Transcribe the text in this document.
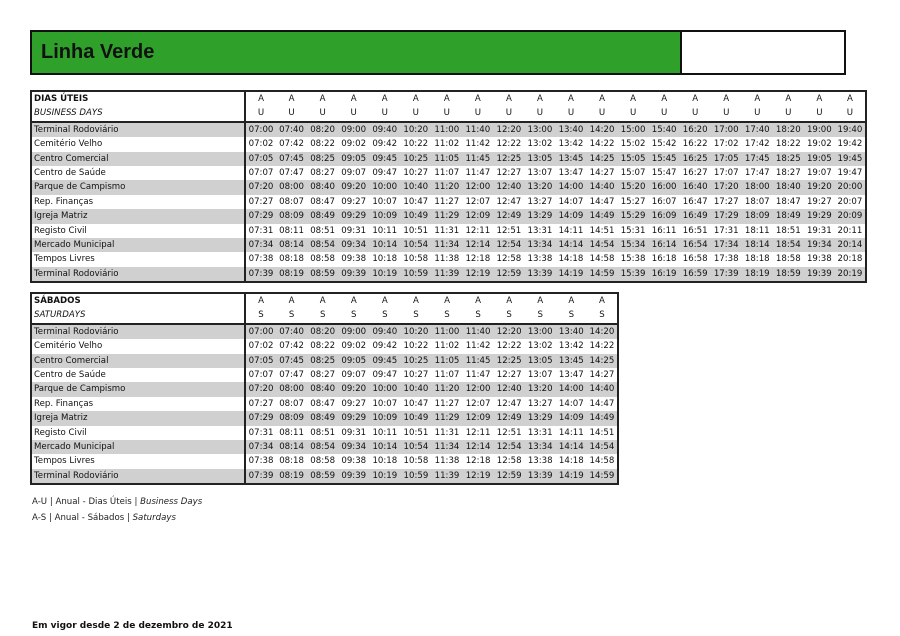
Linha Verde
DIAS ÚTEIS	A	A	A	A	A	A	A	A	A	A	A	A	A	A	A	A	A	A	A	A
BUSINESS DAYS	U	U	U	U	U	U	U	U	U	U	U	U	U	U	U	U	U	U	U	U
Terminal Rodoviário	07:00	07:40	08:20	09:00	09:40	10:20	11:00	11:40	12:20	13:00	13:40	14:20	15:00	15:40	16:20	17:00	17:40	18:20	19:00	19:40
Cemitério Velho	07:02	07:42	08:22	09:02	09:42	10:22	11:02	11:42	12:22	13:02	13:42	14:22	15:02	15:42	16:22	17:02	17:42	18:22	19:02	19:42
Centro Comercial	07:05	07:45	08:25	09:05	09:45	10:25	11:05	11:45	12:25	13:05	13:45	14:25	15:05	15:45	16:25	17:05	17:45	18:25	19:05	19:45
Centro de Saúde	07:07	07:47	08:27	09:07	09:47	10:27	11:07	11:47	12:27	13:07	13:47	14:27	15:07	15:47	16:27	17:07	17:47	18:27	19:07	19:47
Parque de Campismo	07:20	08:00	08:40	09:20	10:00	10:40	11:20	12:00	12:40	13:20	14:00	14:40	15:20	16:00	16:40	17:20	18:00	18:40	19:20	20:00
Rep. Finanças	07:27	08:07	08:47	09:27	10:07	10:47	11:27	12:07	12:47	13:27	14:07	14:47	15:27	16:07	16:47	17:27	18:07	18:47	19:27	20:07
Igreja Matriz	07:29	08:09	08:49	09:29	10:09	10:49	11:29	12:09	12:49	13:29	14:09	14:49	15:29	16:09	16:49	17:29	18:09	18:49	19:29	20:09
Registo Civil	07:31	08:11	08:51	09:31	10:11	10:51	11:31	12:11	12:51	13:31	14:11	14:51	15:31	16:11	16:51	17:31	18:11	18:51	19:31	20:11
Mercado Municipal	07:34	08:14	08:54	09:34	10:14	10:54	11:34	12:14	12:54	13:34	14:14	14:54	15:34	16:14	16:54	17:34	18:14	18:54	19:34	20:14
Tempos Livres	07:38	08:18	08:58	09:38	10:18	10:58	11:38	12:18	12:58	13:38	14:18	14:58	15:38	16:18	16:58	17:38	18:18	18:58	19:38	20:18
Terminal Rodoviário	07:39	08:19	08:59	09:39	10:19	10:59	11:39	12:19	12:59	13:39	14:19	14:59	15:39	16:19	16:59	17:39	18:19	18:59	19:39	20:19
SÁBADOS	A	A	A	A	A	A	A	A	A	A	A	A
SATURDAYS	S	S	S	S	S	S	S	S	S	S	S	S
Terminal Rodoviário	07:00	07:40	08:20	09:00	09:40	10:20	11:00	11:40	12:20	13:00	13:40	14:20
Cemitério Velho	07:02	07:42	08:22	09:02	09:42	10:22	11:02	11:42	12:22	13:02	13:42	14:22
Centro Comercial	07:05	07:45	08:25	09:05	09:45	10:25	11:05	11:45	12:25	13:05	13:45	14:25
Centro de Saúde	07:07	07:47	08:27	09:07	09:47	10:27	11:07	11:47	12:27	13:07	13:47	14:27
Parque de Campismo	07:20	08:00	08:40	09:20	10:00	10:40	11:20	12:00	12:40	13:20	14:00	14:40
Rep. Finanças	07:27	08:07	08:47	09:27	10:07	10:47	11:27	12:07	12:47	13:27	14:07	14:47
Igreja Matriz	07:29	08:09	08:49	09:29	10:09	10:49	11:29	12:09	12:49	13:29	14:09	14:49
Registo Civil	07:31	08:11	08:51	09:31	10:11	10:51	11:31	12:11	12:51	13:31	14:11	14:51
Mercado Municipal	07:34	08:14	08:54	09:34	10:14	10:54	11:34	12:14	12:54	13:34	14:14	14:54
Tempos Livres	07:38	08:18	08:58	09:38	10:18	10:58	11:38	12:18	12:58	13:38	14:18	14:58
Terminal Rodoviário	07:39	08:19	08:59	09:39	10:19	10:59	11:39	12:19	12:59	13:39	14:19	14:59
A-U | Anual - Dias Úteis | Business Days
A-S | Anual - Sábados | Saturdays
Em vigor desde 2 de dezembro de 2021
